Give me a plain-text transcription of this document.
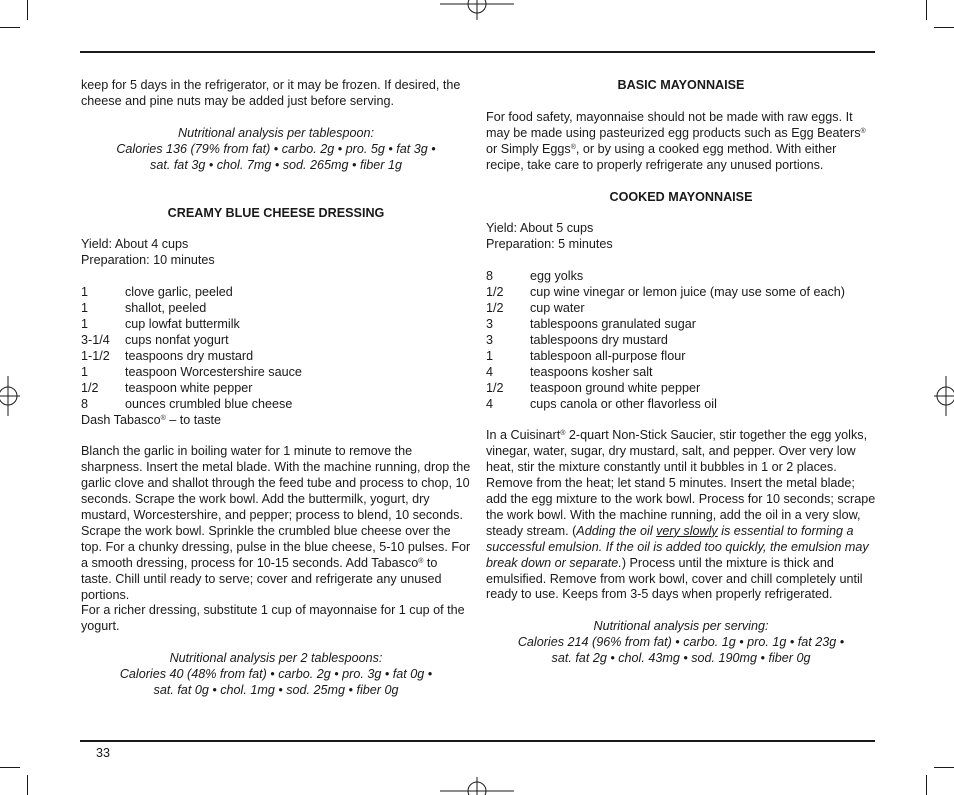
keep for 5 days in the refrigerator, or it may be frozen. If desired, the cheese and pine nuts may be added just before serving.

Nutritional analysis per tablespoon:

Calories 136 (79% from fat) • carbo. 2g • pro. 5g • fat 3g •

sat. fat 3g • chol. 7mg • sod. 265mg • fiber 1g

CREAMY BLUE CHEESE DRESSING

Yield: About 4 cups

Preparation: 10 minutes

1	clove garlic, peeled
1	shallot, peeled
1	cup lowfat buttermilk
3-1/4	cups nonfat yogurt
1-1/2	teaspoons dry mustard
1	teaspoon Worcestershire sauce
1/2	teaspoon white pepper
8	ounces crumbled blue cheese

Dash Tabasco® – to taste

Blanch the garlic in boiling water for 1 minute to remove the sharpness. Insert the metal blade. With the machine running, drop the garlic clove and shallot through the feed tube and process to chop, 10 seconds. Scrape the work bowl. Add the buttermilk, yogurt, dry mustard, Worcestershire, and pepper; process to blend, 10 seconds. Scrape the work bowl. Sprinkle the crumbled blue cheese over the top. For a chunky dressing, pulse in the blue cheese, 5-10 pulses. For a smooth dressing, process for 10-15 seconds. Add Tabasco® to taste. Chill until ready to serve; cover and refrigerate any unused portions.

For a richer dressing, substitute 1 cup of mayonnaise for 1 cup of the yogurt.

Nutritional analysis per 2 tablespoons:

Calories 40 (48% from fat) • carbo. 2g • pro. 3g • fat 0g •

sat. fat 0g • chol. 1mg • sod. 25mg • fiber 0g

BASIC MAYONNAISE

For food safety, mayonnaise should not be made with raw eggs. It may be made using pasteurized egg products such as Egg Beaters® or Simply Eggs®, or by using a cooked egg method. With either recipe, take care to properly refrigerate any unused portions.

COOKED MAYONNAISE

Yield: About 5 cups

Preparation: 5 minutes

8	egg yolks
1/2	cup wine vinegar or lemon juice (may use some of each)
1/2	cup water
3	tablespoons granulated sugar
3	tablespoons dry mustard
1	tablespoon all-purpose flour
4	teaspoons kosher salt
1/2	teaspoon ground white pepper
4	cups canola or other flavorless oil

In a Cuisinart® 2-quart Non-Stick Saucier, stir together the egg yolks, vinegar, water, sugar, dry mustard, salt, and pepper. Over very low heat, stir the mixture constantly until it bubbles in 1 or 2 places. Remove from the heat; let stand 5 minutes. Insert the metal blade; add the egg mixture to the work bowl. Process for 10 seconds; scrape the work bowl. With the machine running, add the oil in a very slow, steady stream. (Adding the oil very slowly is essential to forming a successful emulsion. If the oil is added too quickly, the emulsion may break down or separate.) Process until the mixture is thick and emulsified. Remove from work bowl, cover and chill completely until ready to use. Keeps from 3-5 days when properly refrigerated.

Nutritional analysis per serving:

Calories 214 (96% from fat) • carbo. 1g • pro. 1g • fat 23g •

sat. fat 2g • chol. 43mg • sod. 190mg • fiber 0g

33
